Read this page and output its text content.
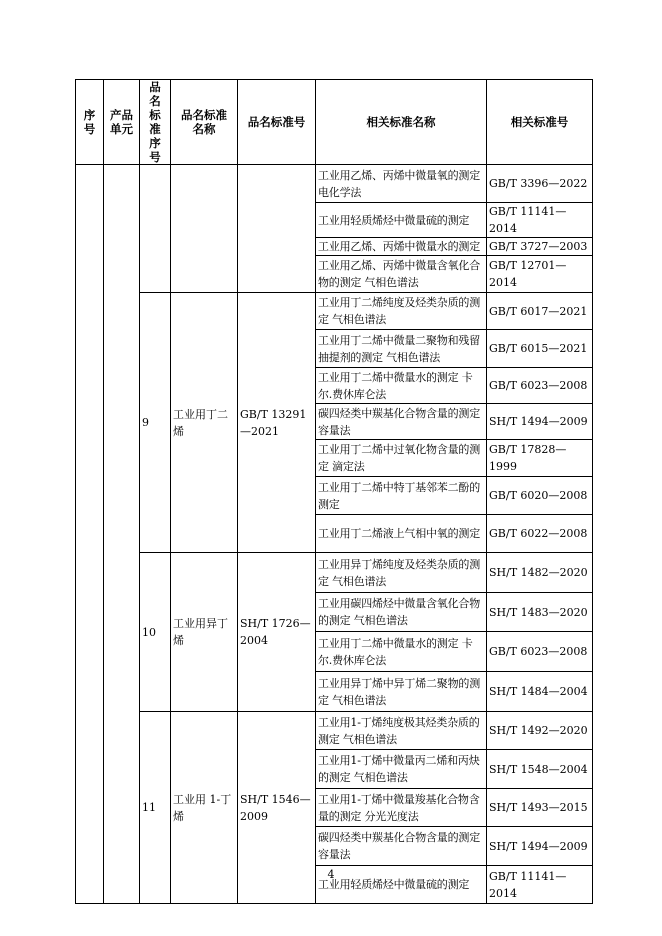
序号	产品单元	品名标准序号	品名标准名称	品名标准号	相关标准名称	相关标准号
					工业用乙烯、丙烯中微量氧的测定 电化学法	GB/T 3396—2022
					工业用轻质烯烃中微量硫的测定	GB/T 11141—2014
					工业用乙烯、丙烯中微量水的测定	GB/T 3727—2003
					工业用乙烯、丙烯中微量含氧化合物的测定 气相色谱法	GB/T 12701—2014
		9	工业用丁二烯	GB/T 13291—2021	工业用丁二烯纯度及烃类杂质的测定 气相色谱法	GB/T 6017—2021
					工业用丁二烯中微量二聚物和残留抽提剂的测定 气相色谱法	GB/T 6015—2021
					工业用丁二烯中微量水的测定 卡尔.费休库仑法	GB/T 6023—2008
					碳四烃类中羰基化合物含量的测定 容量法	SH/T 1494—2009
					工业用丁二烯中过氧化物含量的测定 滴定法	GB/T 17828—1999
					工业用丁二烯中特丁基邻苯二酚的测定	GB/T 6020—2008
					工业用丁二烯液上气相中氧的测定	GB/T 6022—2008
		10	工业用异丁烯	SH/T 1726—2004	工业用异丁烯纯度及烃类杂质的测定 气相色谱法	SH/T 1482—2020
					工业用碳四烯烃中微量含氧化合物的测定 气相色谱法	SH/T 1483—2020
					工业用丁二烯中微量水的测定 卡尔.费休库仑法	GB/T 6023—2008
					工业用异丁烯中异丁烯二聚物的测定 气相色谱法	SH/T 1484—2004
		11	工业用 1-丁烯	SH/T 1546—2009	工业用1-丁烯纯度极其烃类杂质的测定 气相色谱法	SH/T 1492—2020
					工业用1-丁烯中微量丙二烯和丙炔的测定 气相色谱法	SH/T 1548—2004
					工业用1-丁烯中微量羧基化合物含量的测定 分光光度法	SH/T 1493—2015
					碳四烃类中羰基化合物含量的测定 容量法	SH/T 1494—2009
					工业用轻质烯烃中微量硫的测定	GB/T 11141—2014
4
